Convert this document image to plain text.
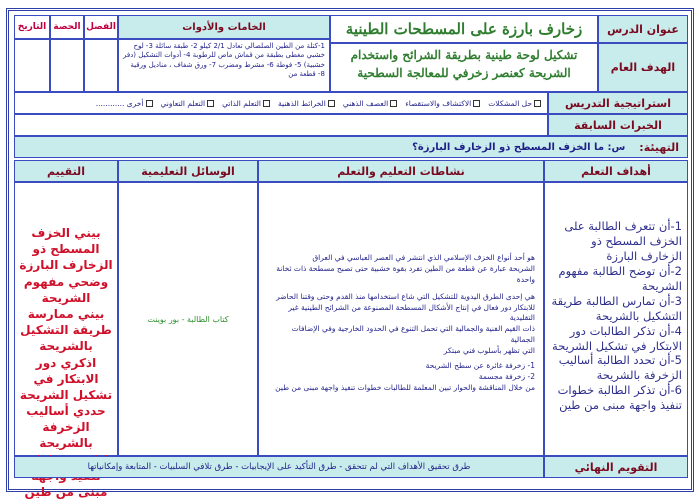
عنوان الدرس
زخارف بارزة على المسطحات الطينية
الهدف العام
تشكيل لوحة طينية بطريقة الشرائح واستخدام الشريحة كعنصر زخرفي للمعالجة السطحية
الخامات والأدوات
1-كتلة من الطين الصلصالي تعادل 2/1 كيلو 2- طبقة سائلة 3- لوح خشبي مغطى بطبقة من قماش ماص للرطوبة 4- أدوات التشكيل (دفر خشبية) 5- فوطة 6- مشرط ومضرب 7- ورق شفاف ، مناديل ورقية 8- قطعة من
التاريخ الحصة الفصل
استراتيجية التدريس
حل المشكلات
الاكتشاف والاستقصاء
العصف الذهني
الخرائط الذهنية
التعلم الذاتي
التعلم التعاوني
أخرى ............
الخبرات السابقة
التهيئة:
س: ما الخزف المسطح ذو الزخارف البارزة؟
أهداف التعلم
نشاطات التعليم والتعلم
الوسائل التعليمية
التقييم
1-أن تتعرف الطالبة على الخزف المسطح ذو الزخارف البارزة
2-أن توضح الطالبة مفهوم الشريحة
3-أن تمارس الطالبة طريقة التشكيل بالشريحة
4-أن تذكر الطالبات دور الابتكار في تشكيل الشريحة
5-أن تحدد الطالبة أساليب الزخرفة بالشريحة
6-أن تذكر الطالبة خطوات تنفيذ واجهة مبنى من طين
هو أحد أنواع الخزف الإسلامي الذي انتشر في العصر العباسي في العراق
الشريحة عبارة عن قطعة من الطين تفرد بقوة خشبية حتى تصبح مسطحة ذات ثخانة واحدة
هي إحدى الطرق اليدوية للتشكيل التي شاع استخدامها منذ القدم وحتى وقتنا الحاضر
للابتكار دور فعال في إنتاج الأشكال المسطحة المصنوعة من الشرائح الطينية غير التقليدية
ذات القيم الفنية والجمالية التي تحمل التنوع في الحدود الخارجية وفي الإضافات الجمالية
التي تظهر بأسلوب فني مبتكر
1- زخرفة غائرة عن سطح الشريحة
2- زخرفة مجسمة
من خلال المناقشة والحوار تبين المعلمة للطالبات خطوات تنفيذ واجهة مبنى من طين
كتاب الطالبة - بور بوينت
بيني الخزف المسطح ذو الزخارف البارزة
وضحي مفهوم الشريحة
بيني ممارسة طريقة التشكيل بالشريحة
اذكري دور الابتكار في تشكيل الشريحة
حددي أساليب الزخرفة بالشريحة
مبنى من طين
التقويم النهائي
طرق تحقيق الأهداف التي لم تتحقق - طرق التأكيد على الإيجابيات - طرق تلافي السلبيات - المتابعة وإمكانياتها
